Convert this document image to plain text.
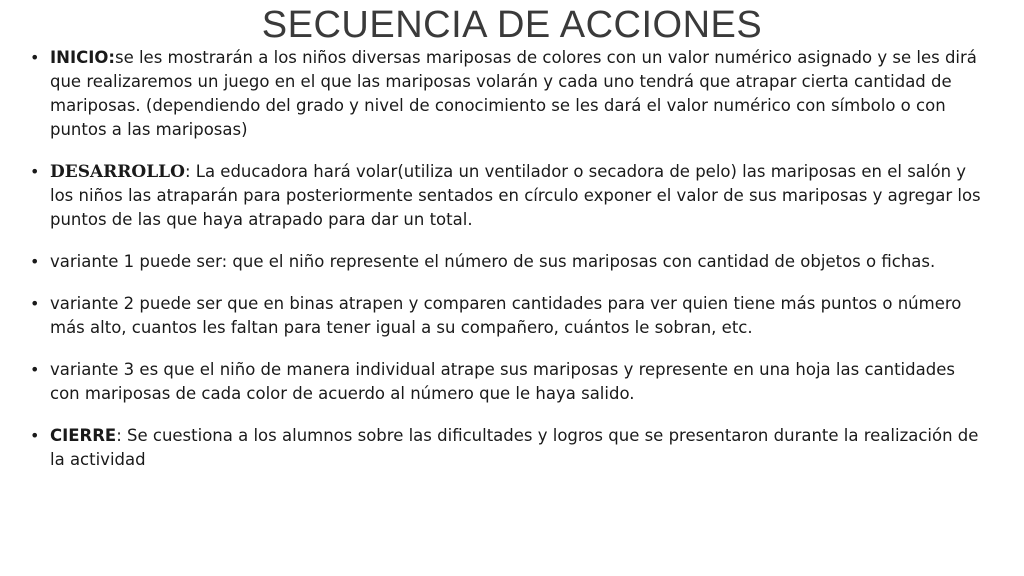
SECUENCIA DE ACCIONES
• INICIO:se les mostrarán a los niños diversas mariposas de colores con un valor numérico asignado y se les dirá que realizaremos un juego en el que las mariposas volarán y cada uno tendrá que atrapar cierta cantidad de mariposas. (dependiendo del grado y nivel de conocimiento se les dará el valor numérico con símbolo o con puntos a las mariposas)
• DESARROLLO: La educadora hará volar(utiliza un ventilador o secadora de pelo) las mariposas en el salón y los niños las atraparán para posteriormente sentados en círculo exponer el valor de sus mariposas y agregar los puntos de las que haya atrapado para dar un total.
• variante 1 puede ser: que el niño represente el número de sus mariposas con cantidad de objetos o fichas.
• variante 2 puede ser que en binas atrapen y comparen cantidades para ver quien tiene más puntos o número más alto, cuantos les faltan para tener igual a su compañero, cuántos le sobran, etc.
• variante 3 es que el niño de manera individual atrape sus mariposas y represente en una hoja las cantidades con mariposas de cada color de acuerdo al número que le haya salido.
• CIERRE: Se cuestiona a los alumnos sobre las dificultades y logros que se presentaron durante la realización de la actividad
